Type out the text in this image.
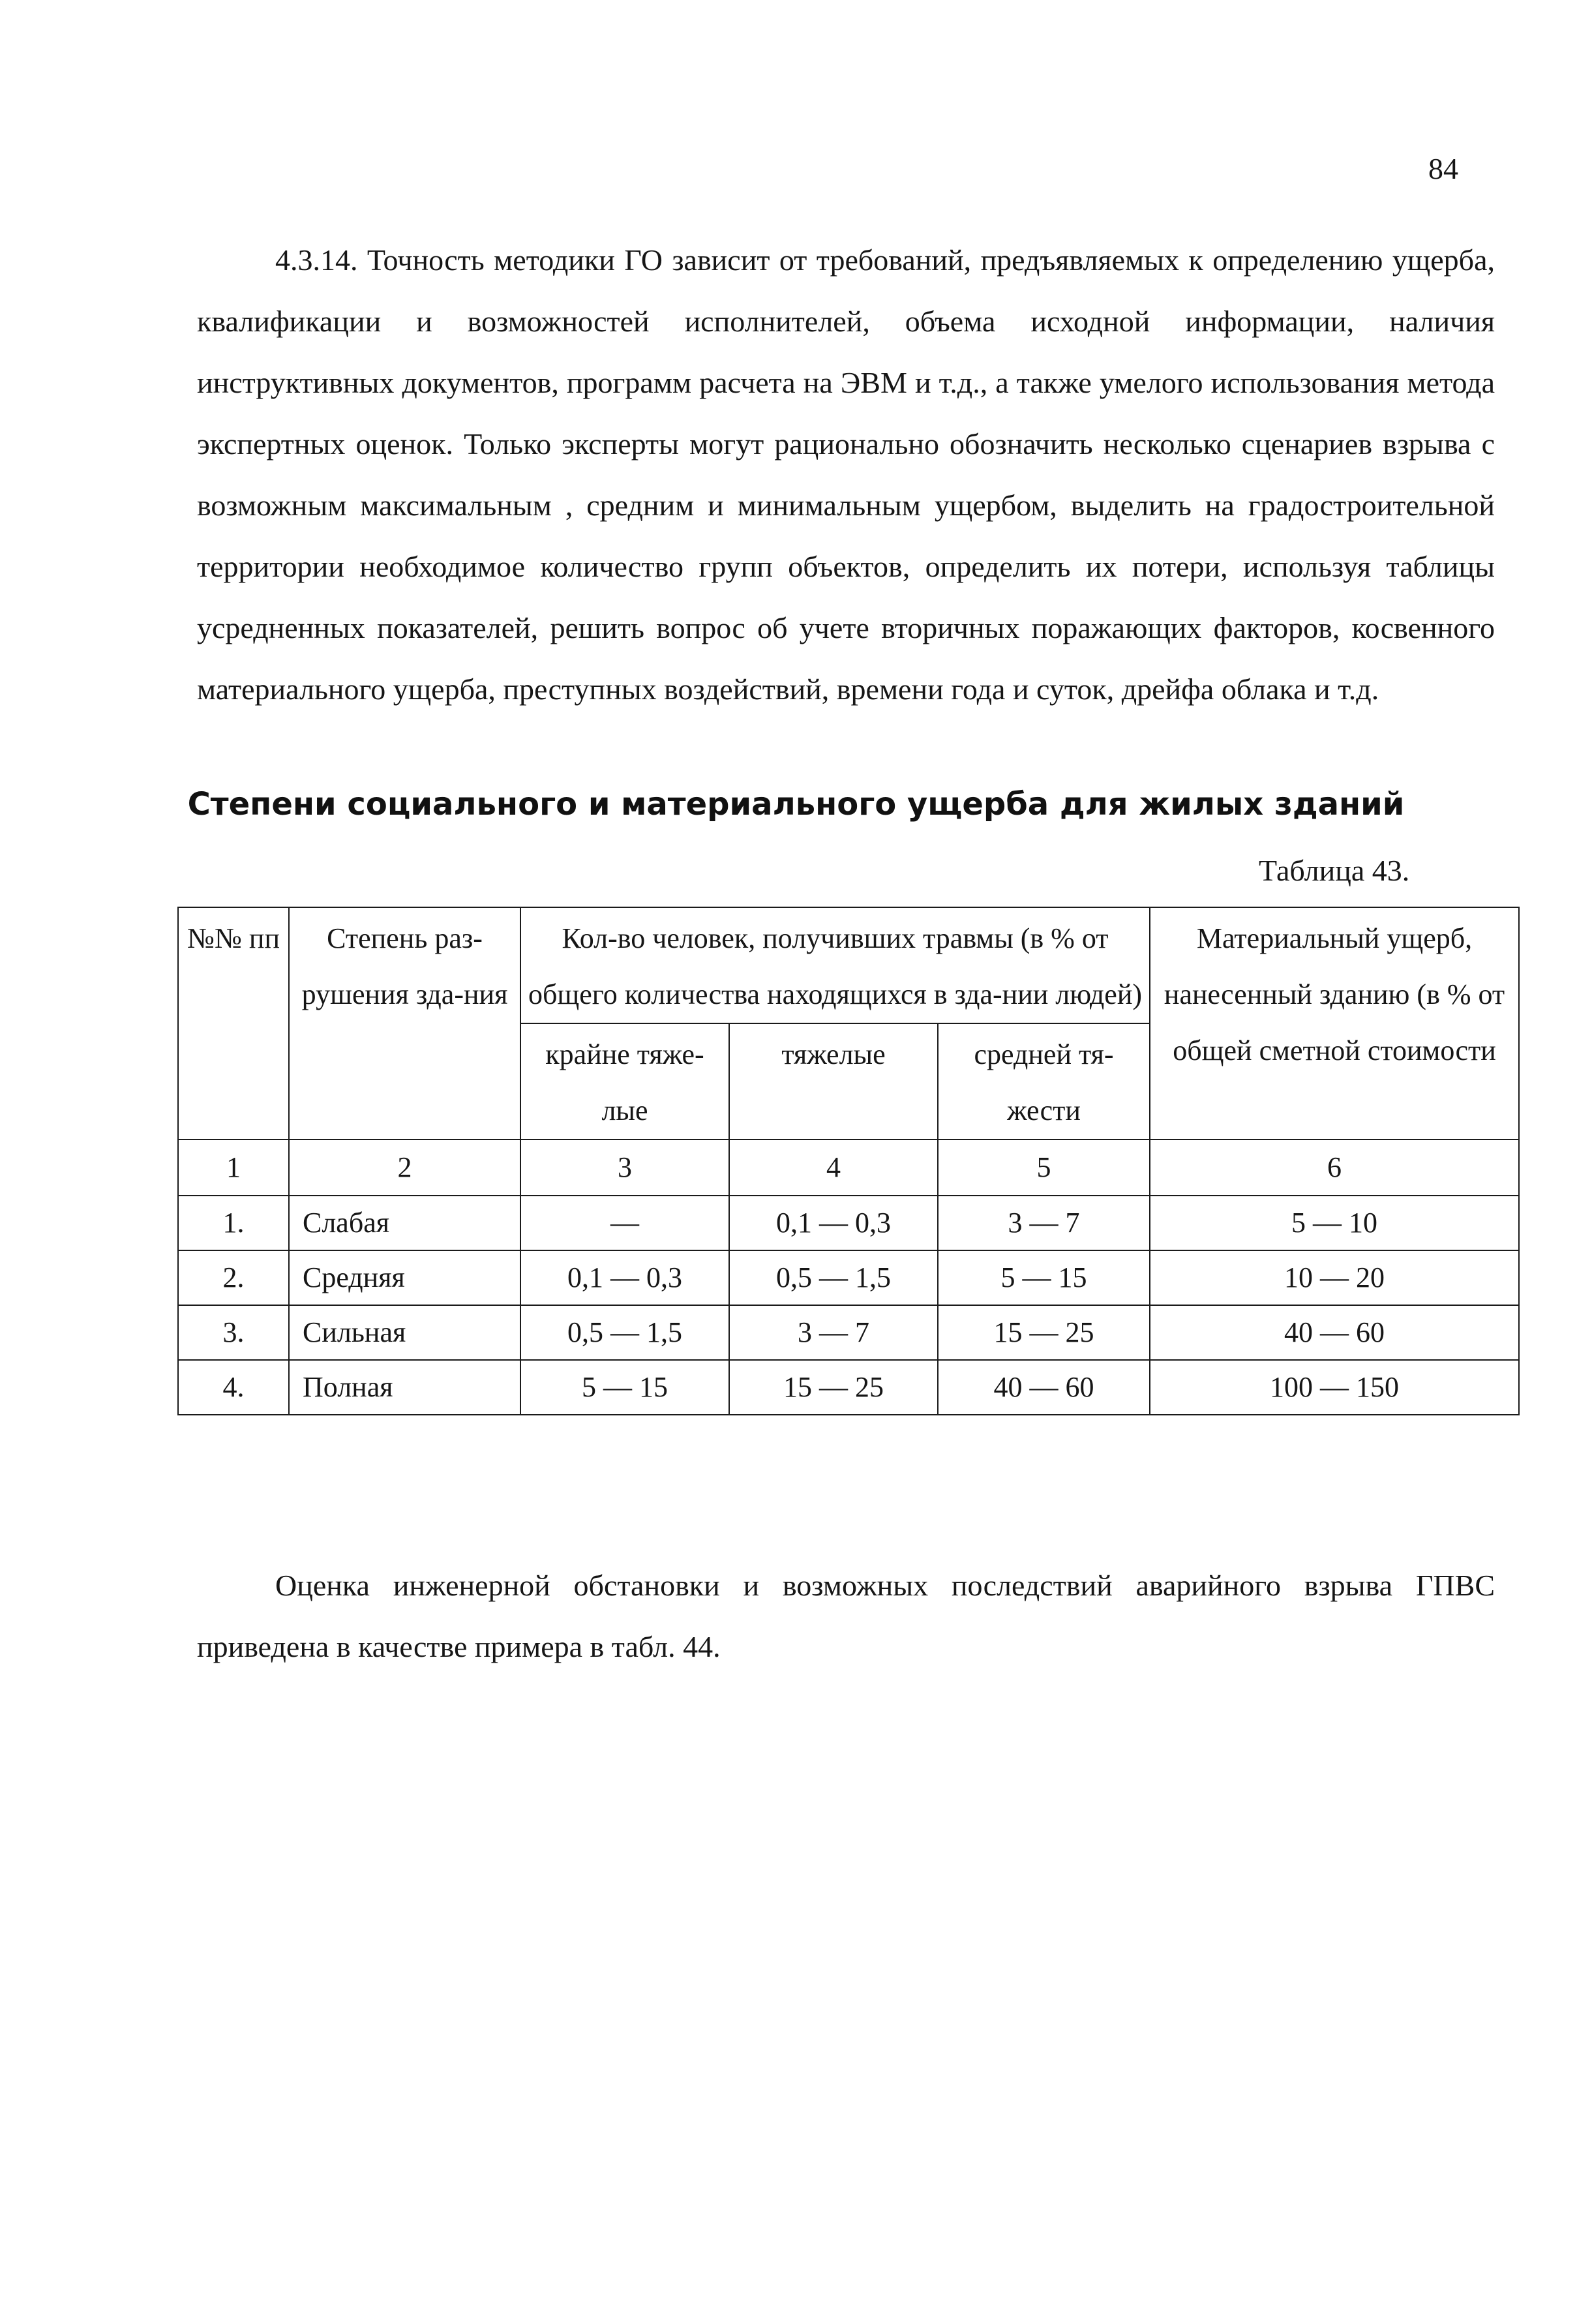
84

4.3.14. Точность методики ГО зависит от требований, предъявляемых к определению ущерба, квалификации и возможностей исполнителей, объема исходной информации, наличия инструктивных документов, программ расчета на ЭВМ и т.д., а также умелого использования метода экспертных оценок. Только эксперты могут рационально обозначить несколько сценариев взрыва с возможным максимальным , средним и минимальным ущербом, выделить на градостроительной территории необходимое количество групп объектов, определить их потери, используя таблицы усредненных показателей, решить вопрос об учете вторичных поражающих факторов, косвенного материального ущерба, преступных воздействий, времени года и суток, дрейфа облака и т.д.

Степени социального и материального ущерба для жилых зданий
Таблица 43.
№№ пп	Степень раз-рушения зда-ния	Кол-во человек, получивших травмы (в % от общего количества находящихся в зда-нии людей)			Материальный ущерб, нанесенный зданию (в % от общей сметной стоимости

		крайне тяже-лые	тяжелые	средней тя-жести	

1	2	3	4	5	6
1.	Слабая	—	0,1 — 0,3	3 — 7	5 — 10
2.	Средняя	0,1 — 0,3	0,5 — 1,5	5 — 15	10 — 20
3.	Сильная	0,5 — 1,5	3 — 7	15 — 25	40 — 60
4.	Полная	5 — 15	15 — 25	40 — 60	100 — 150

Оценка инженерной обстановки и возможных последствий аварийного взрыва ГПВС приведена в качестве примера в табл. 44.
